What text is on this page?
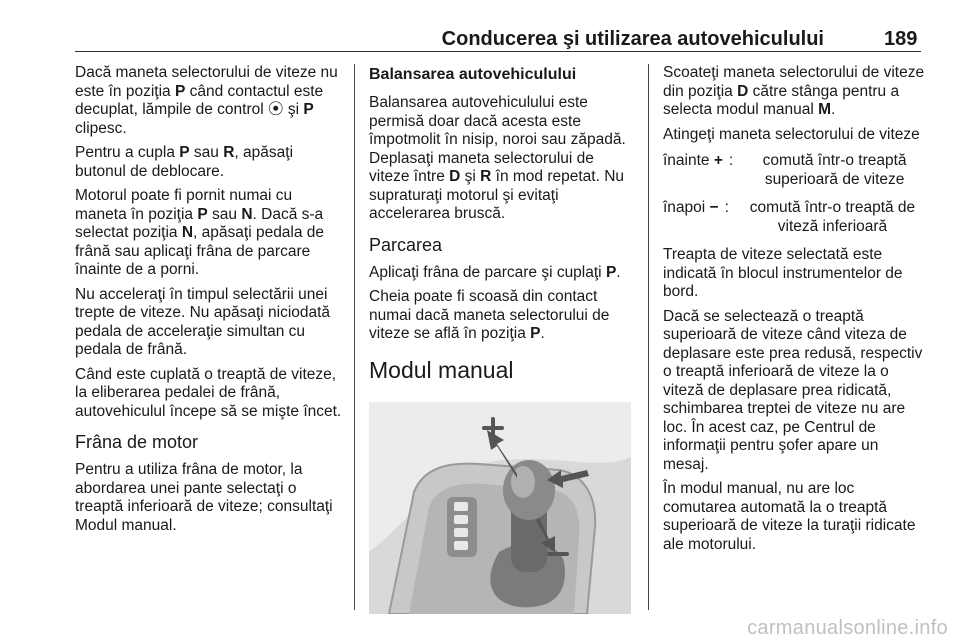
Conducerea şi utilizarea autovehiculului	189

Dacă maneta selectorului de viteze nu este în poziţia P când contactul este decuplat, lămpile de control ⦿ şi P clipesc.

Pentru a cupla P sau R, apăsaţi butonul de deblocare.

Motorul poate fi pornit numai cu maneta în poziţia P sau N. Dacă s-a selectat poziţia N, apăsaţi pedala de frână sau aplicaţi frâna de parcare înainte de a porni.

Nu acceleraţi în timpul selectării unei trepte de viteze. Nu apăsaţi niciodată pedala de acceleraţie simultan cu pedala de frână.

Când este cuplată o treaptă de viteze, la eliberarea pedalei de frână, autovehiculul începe să se mişte încet.

Frâna de motor

Pentru a utiliza frâna de motor, la abordarea unei pante selectaţi o treaptă inferioară de viteze; consultaţi Modul manual.

Balansarea autovehiculului

Balansarea autovehiculului este permisă doar dacă acesta este împotmolit în nisip, noroi sau zăpadă. Deplasaţi maneta selectorului de viteze între D şi R în mod repetat. Nu supraturaţi motorul şi evitaţi accelerarea bruscă.

Parcarea

Aplicaţi frâna de parcare şi cuplaţi P.

Cheia poate fi scoasă din contact numai dacă maneta selectorului de viteze se află în poziţia P.

Modul manual

Scoateţi maneta selectorului de viteze din poziţia D către stânga pentru a selecta modul manual M.

Atingeţi maneta selectorului de viteze

înainte + :	comută într-o treaptă superioară de viteze
înapoi − :	comută într-o treaptă de viteză inferioară

Treapta de viteze selectată este indicată în blocul instrumentelor de bord.

Dacă se selectează o treaptă superioară de viteze când viteza de deplasare este prea redusă, respectiv o treaptă inferioară de viteze la o viteză de deplasare prea ridicată, schimbarea treptei de viteze nu are loc. În acest caz, pe Centrul de informaţii pentru şofer apare un mesaj.

În modul manual, nu are loc comutarea automată la o treaptă superioară de viteze la turaţii ridicate ale motorului.

carmanualsonline.info
